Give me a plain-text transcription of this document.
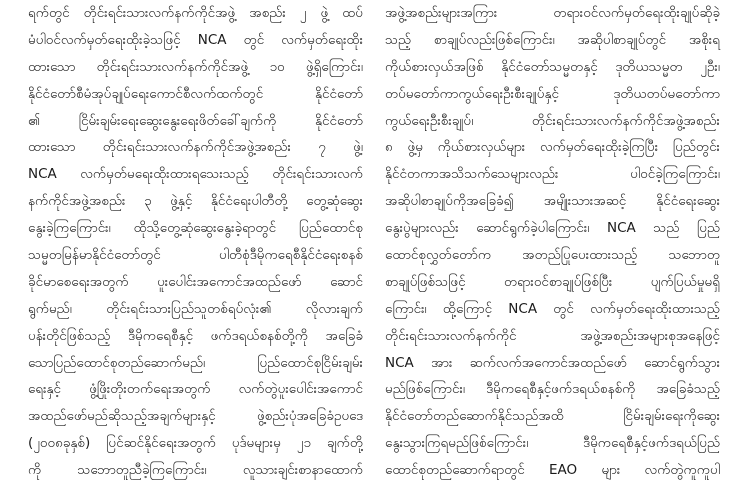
ရက်တွင် တိုင်းရင်းသားလက်နက်ကိုင်အဖွဲ့ အစည်း ၂ ဖွဲ့ ထပ်
မံပါဝင်လက်မှတ်ရေးထိုးခဲ့သဖြင့် NCA တွင် လက်မှတ်ရေးထိုး
ထားသော တိုင်းရင်းသားလက်နက်ကိုင်အဖွဲ့ ၁၀ ဖွဲ့ရှိကြောင်း၊
နိုင်ငံတော်စီမံအုပ်ချုပ်ရေးကောင်စီလက်ထက်တွင် နိုင်ငံတော်
၏ ငြိမ်းချမ်းရေးဆွေးနွေးရေးဖိတ်ခေါ်ချက်ကို နိုင်ငံတော်
ထားသော တိုင်းရင်းသားလက်နက်ကိုင်အဖွဲ့အစည်း ၇ ဖွဲ့၊
NCA လက်မှတ်မရေးထိုးထားရသေးသည့် တိုင်းရင်းသားလက်
နက်ကိုင်အဖွဲ့အစည်း ၃ ဖွဲ့နှင့် နိုင်ငံရေးပါတီတို့ တွေ့ဆုံဆွေး
နွေးခဲ့ကြကြောင်း၊ ထိုသို့တွေ့ဆုံဆွေးနွေးခဲ့ရာတွင် ပြည်ထောင်စု
သမ္မတမြန်မာနိုင်ငံတော်တွင် ပါတီစုံဒီမိုကရေစီနိုင်ငံရေးစနစ်
ခိုင်မာစေရေးအတွက် ပူးပေါင်းအကောင်အထည်ဖော် ဆောင်
ရွက်မည်၊ တိုင်းရင်းသားပြည်သူတစ်ရပ်လုံး၏ လိုလားချက်
ပန်းတိုင်ဖြစ်သည့် ဒီမိုကရေစီနှင့် ဖက်ဒရယ်စနစ်တို့ကို အခြေခံ
သောပြည်ထောင်စုတည်ဆောက်မည်၊ ပြည်ထောင်စုငြိမ်းချမ်း
ရေးနှင့် ဖွံ့ဖြိုးတိုးတက်ရေးအတွက် လက်တွဲပူးပေါင်းအကောင်
အထည်ဖော်မည်ဆိုသည့်အချက်များနှင့် ဖွဲ့စည်းပုံအခြေခံဥပဒေ
(၂၀၀၈ခုနှစ်) ပြင်ဆင်နိုင်ရေးအတွက် ပုဒ်မများမှ ၂၁ ချက်တို့
ကို သဘောတူညီခဲ့ကြကြောင်း၊ လူသားချင်းစာနာထောက်
အဖွဲ့အစည်းများအကြား တရားဝင်လက်မှတ်ရေးထိုးချုပ်ဆိုခဲ့
သည့် စာချုပ်လည်းဖြစ်ကြောင်း၊ အဆိုပါစာချုပ်တွင် အစိုးရ
ကိုယ်စားလှယ်အဖြစ် နိုင်ငံတော်သမ္မတနှင့် ဒုတိယသမ္မတ ၂ဦး၊
တပ်မတော်ကာကွယ်ရေးဦးစီးချုပ်နှင့် ဒုတိယတပ်မတော်ကာ
ကွယ်ရေးဦးစီးချုပ်၊ တိုင်းရင်းသားလက်နက်ကိုင်အဖွဲ့အစည်း
၈ ဖွဲ့မှ ကိုယ်စားလှယ်များ လက်မှတ်ရေးထိုးခဲ့ကြပြီး ပြည်တွင်း
နိုင်ငံတကာအသိသက်သေများလည်း ပါဝင်ခဲ့ကြကြောင်း၊
အဆိုပါစာချုပ်ကိုအခြေခံ၍ အမျိုးသားအဆင့် နိုင်ငံရေးဆွေး
နွေးပွဲများလည်း ဆောင်ရွက်ခဲ့ပါကြောင်း၊ NCA သည် ပြည်
ထောင်စုလွှတ်တော်က အတည်ပြုပေးထားသည့် သဘောတူ
စာချုပ်ဖြစ်သဖြင့် တရားဝင်စာချုပ်ဖြစ်ပြီး ပျက်ပြယ်မှုမရှိ
ကြောင်း၊ ထို့ကြောင့် NCA တွင် လက်မှတ်ရေးထိုးထားသည့်
တိုင်းရင်းသားလက်နက်ကိုင် အဖွဲ့အစည်းအများစုအနေဖြင့်
NCA အား ဆက်လက်အကောင်အထည်ဖော် ဆောင်ရွက်သွား
မည်ဖြစ်ကြောင်း၊ ဒီမိုကရေစီနှင့်ဖက်ဒရယ်စနစ်ကို အခြေခံသည့်
နိုင်ငံတော်တည်ဆောက်နိုင်သည်အထိ ငြိမ်းချမ်းရေးကိုဆွေး
နွေးသွားကြရမည်ဖြစ်ကြောင်း၊ ဒီမိုကရေစီနှင့်ဖက်ဒရယ်ပြည်
ထောင်စုတည်ဆောက်ရာတွင် EAO များ လက်တွဲကူကူပါ
